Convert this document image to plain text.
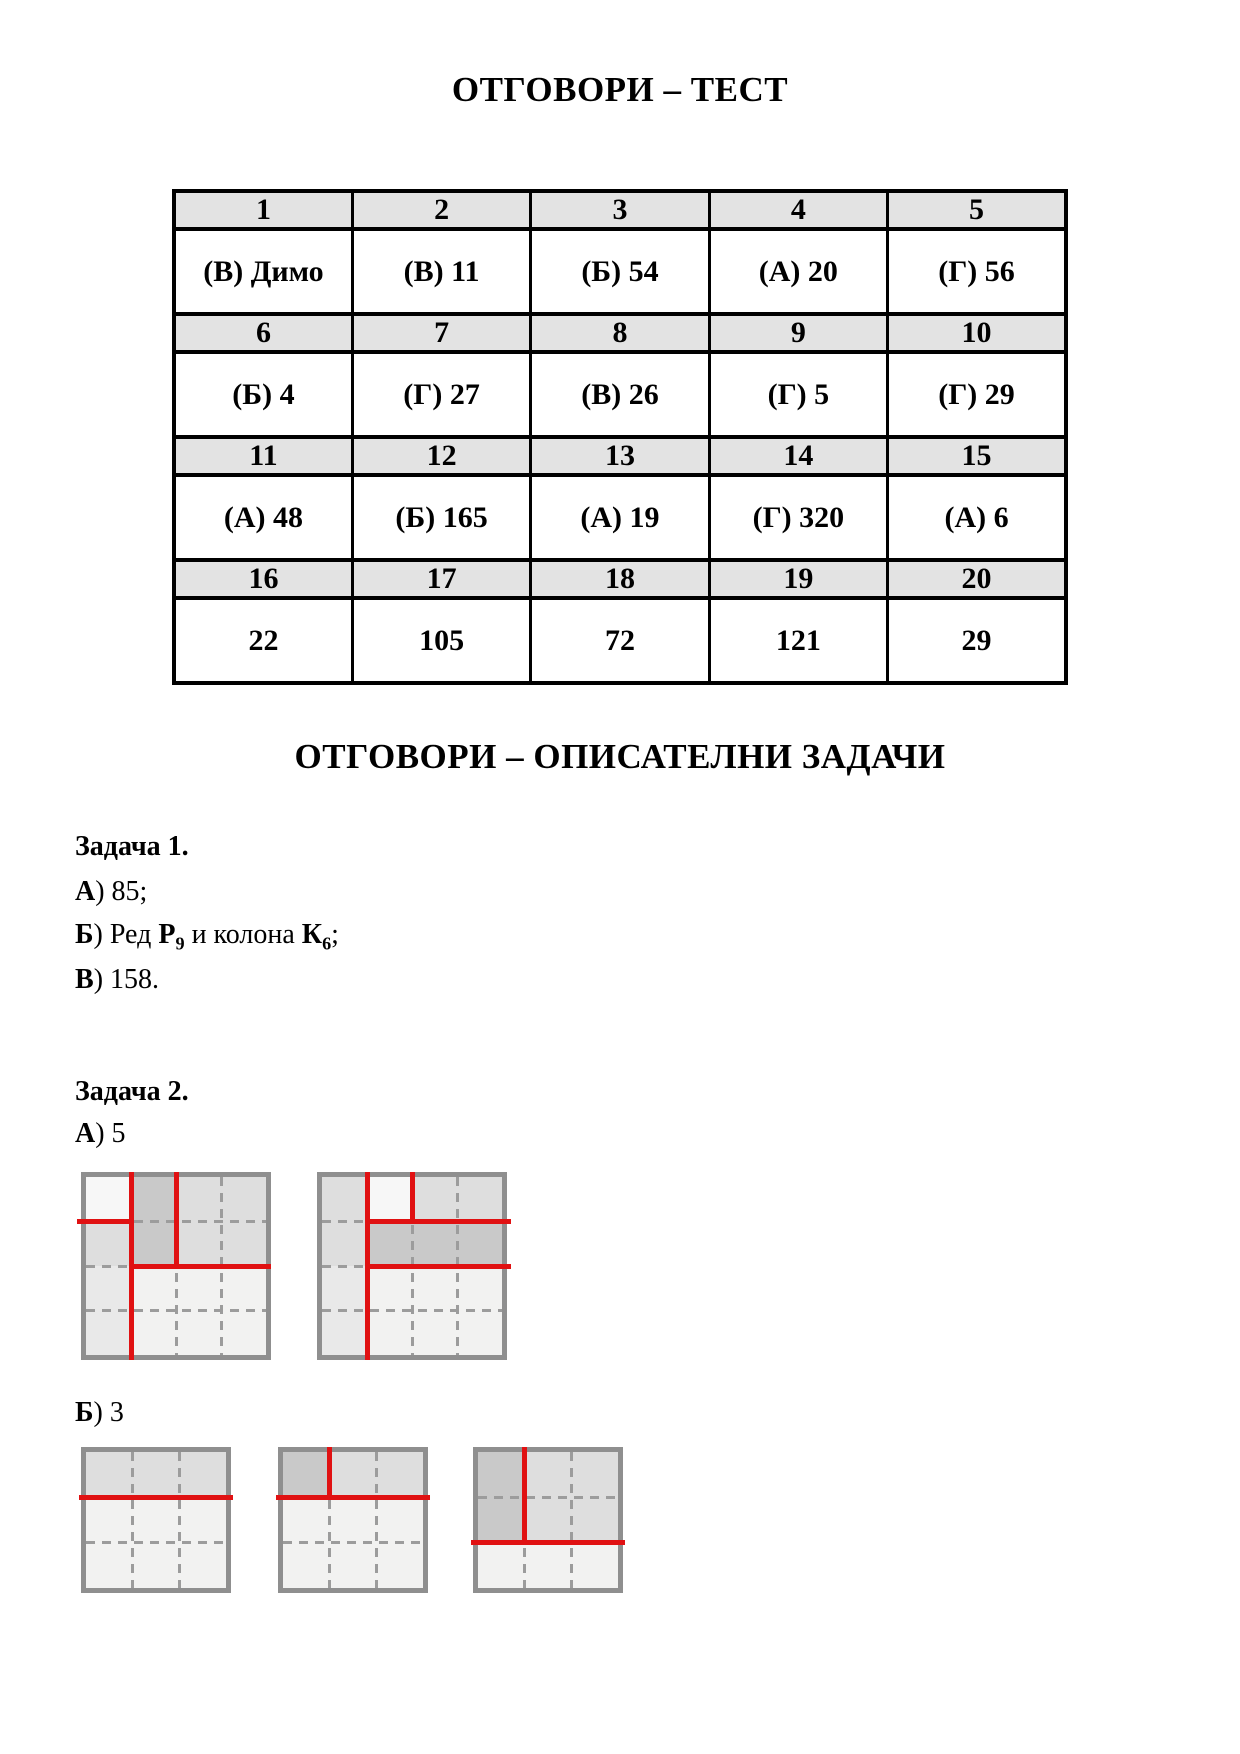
ОТГОВОРИ – ТЕСТ
1	2	3	4	5
(В) Димо	(В) 11	(Б) 54	(А) 20	(Г) 56
6	7	8	9	10
(Б) 4	(Г) 27	(В) 26	(Г) 5	(Г) 29
11	12	13	14	15
(А) 48	(Б) 165	(А) 19	(Г) 320	(А) 6
16	17	18	19	20
22	105	72	121	29
ОТГОВОРИ – ОПИСАТЕЛНИ ЗАДАЧИ
Задача 1.
А) 85;
Б) Ред $Р_9$ и колона $К_6$;
В) 158.
Задача 2.
А) 5
Б) 3
